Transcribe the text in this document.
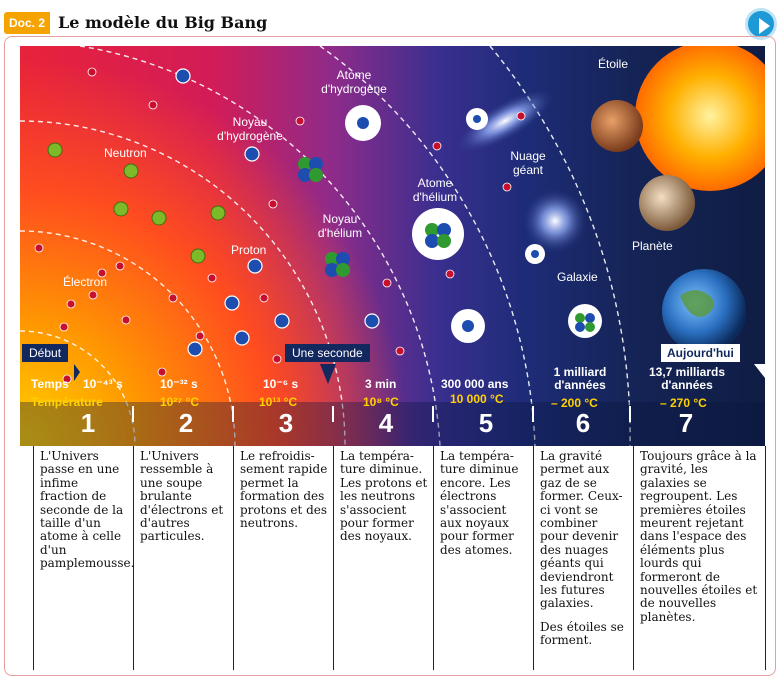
Doc. 2 Le modèle du Big Bang
Neutron
Électron
Proton
Noyau
d'hydrogène
Noyau
d'hélium
Atome
d'hydrogène
Atome
d'hélium
Nuage
géant
Galaxie
Étoile
Planète
Début	Une seconde	Aujourd'hui
Temps
Température
10⁻⁴³ s
1
10⁻³² s
10²⁷ °C
2
10⁻⁶ s
10¹³ °C
3
3 min
10⁸ °C
4
300 000 ans
10 000 °C
5
1 milliard d'années
– 200 °C
6
13,7 milliards d'années
– 270 °C
7

L'Univers passe en une infime fraction de seconde de la taille d'un atome à celle d'un pamplemousse.

L'Univers ressemble à une soupe brulante d'électrons et d'autres particules.

Le refroidis-sement rapide permet la formation des protons et des neutrons.

La tempéra-ture diminue. Les protons et les neutrons s'associent pour former des noyaux.

La tempéra-ture diminue encore. Les électrons s'associent aux noyaux pour former des atomes.

La gravité permet aux gaz de se former. Ceux-ci vont se combiner pour devenir des nuages géants qui deviendront les futures galaxies.

Des étoiles se forment.

Toujours grâce à la gravité, les galaxies se regroupent. Les premières étoiles meurent rejetant dans l'espace des éléments plus lourds qui formeront de nouvelles étoiles et de nouvelles planètes.
